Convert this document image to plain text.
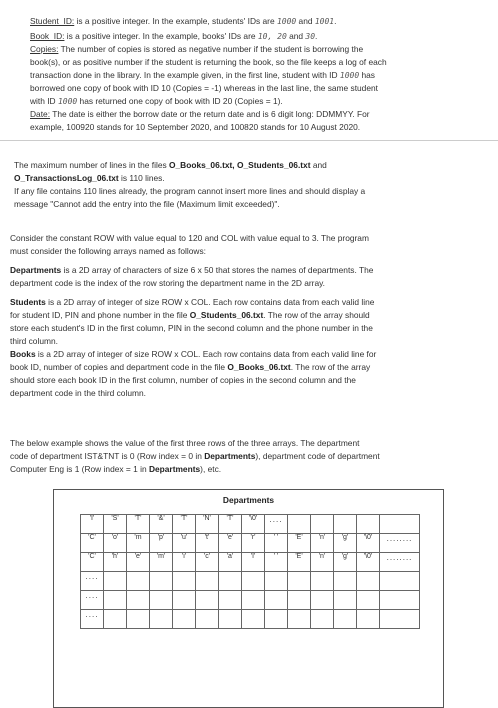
Student_ID: is a positive integer. In the example, students' IDs are 1000 and 1001.

Book_ID: is a positive integer. In the example, books' IDs are 10, 20 and 30.

Copies: The number of copies is stored as negative number if the student is borrowing the

book(s), or as positive number if the student is returning the book, so the file keeps a log of each

transaction done in the library. In the example given, in the first line, student with ID 1000 has

borrowed one copy of book with ID 10 (Copies = -1) whereas in the last line, the same student

with ID 1000 has returned one copy of book with ID 20 (Copies = 1).

Date: The date is either the borrow date or the return date and is 6 digit long: DDMMYY. For

example, 100920 stands for 10 September 2020, and 100820 stands for 10 August 2020.

The maximum number of lines in the files O_Books_06.txt, O_Students_06.txt and

O_TransactionsLog_06.txt is 110 lines.

If any file contains 110 lines already, the program cannot insert more lines and should display a

message "Cannot add the entry into the file (Maximum limit exceeded)".

Consider the constant ROW with value equal to 120 and COL with value equal to 3. The program

must consider the following arrays named as follows:

Departments is a 2D array of characters of size 6 x 50 that stores the names of departments. The

department code is the index of the row storing the department name in the 2D array.

Students is a 2D array of integer of size ROW x COL. Each row contains data from each valid line

for student ID, PIN and phone number in the file O_Students_06.txt. The row of the array should

store each student's ID in the first column, PIN in the second column and the phone number in the

third column.

Books is a 2D array of integer of size ROW x COL. Each row contains data from each valid line for

book ID, number of copies and department code in the file O_Books_06.txt. The row of the array

should store each book ID in the first column, number of copies in the second column and the

department code in the third column.

The below example shows the value of the first three rows of the three arrays. The department

code of department IST&TNT is 0 (Row index = 0 in Departments), department code of department

Computer Eng is 1 (Row index = 1 in Departments), etc.

Departments
'I'	'S'	'T'	'&'	'T'	'N'	'T'	'\0'	....					
'C'	'o'	'm	'p'	'u'	't'	'e'	'r'	' '	'E'	'n'	'g'	'\0'	........
'C'	'h'	'e'	'm'	'i'	'c'	'a'	'l'	' '	'E'	'n'	'g'	'\0'	........
....													
....													
....													
